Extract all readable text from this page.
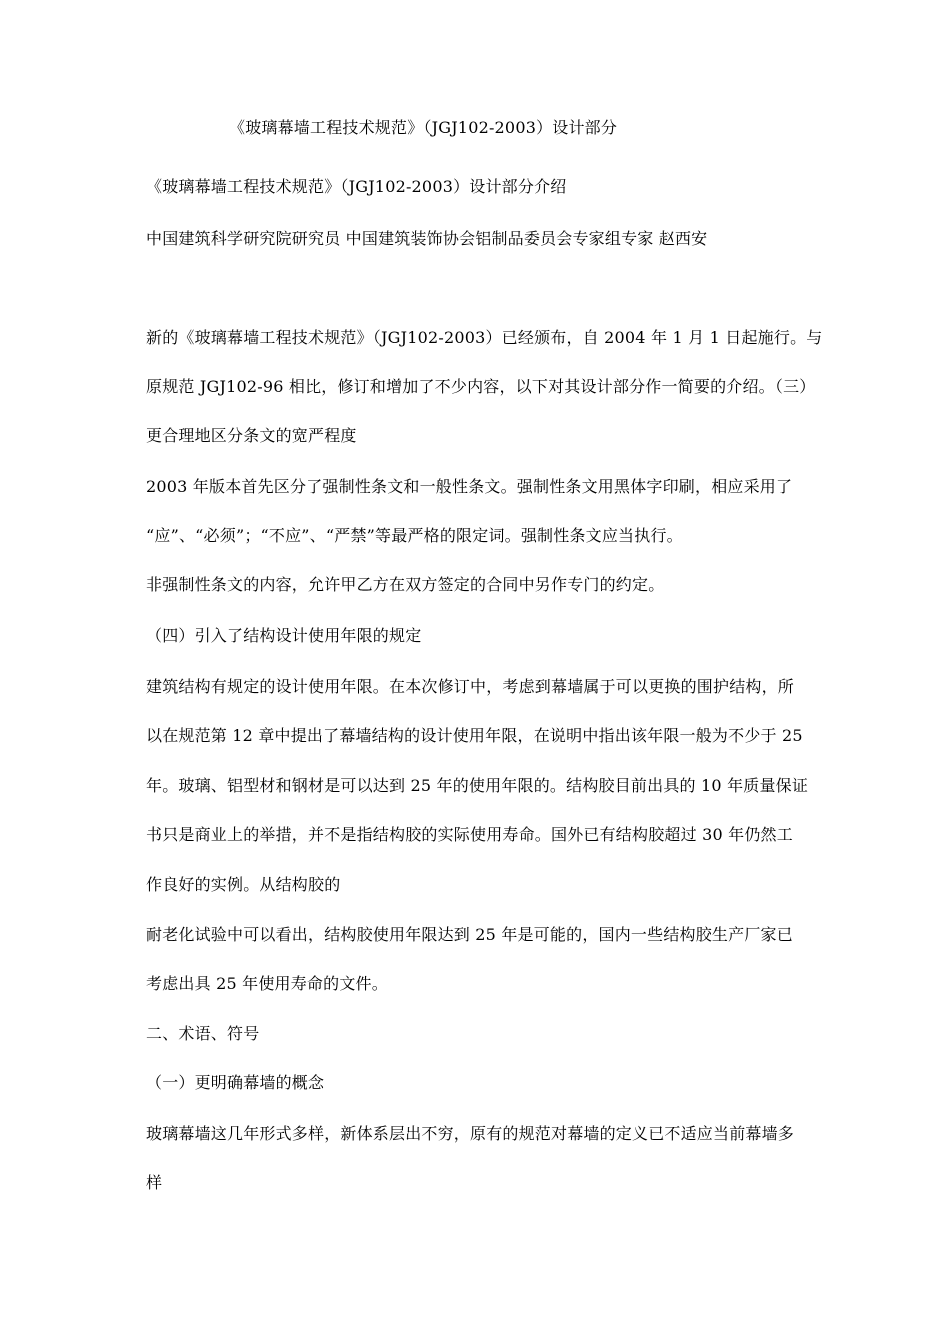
《玻璃幕墙工程技术规范》（JGJ102-2003）设计部分
《玻璃幕墙工程技术规范》（JGJ102-2003）设计部分介绍
中国建筑科学研究院研究员 中国建筑装饰协会铝制品委员会专家组专家 赵西安
新的《玻璃幕墙工程技术规范》（JGJ102-2003）已经颁布，自 2004 年 1 月 1 日起施行。与
原规范 JGJ102-96 相比，修订和增加了不少内容，以下对其设计部分作一简要的介绍。（三）
更合理地区分条文的宽严程度
2003 年版本首先区分了强制性条文和一般性条文。强制性条文用黑体字印刷，相应采用了
“应”、“必须”；“不应”、“严禁”等最严格的限定词。强制性条文应当执行。
非强制性条文的内容，允许甲乙方在双方签定的合同中另作专门的约定。
（四）引入了结构设计使用年限的规定
建筑结构有规定的设计使用年限。在本次修订中，考虑到幕墙属于可以更换的围护结构，所
以在规范第 12 章中提出了幕墙结构的设计使用年限，在说明中指出该年限一般为不少于 25
年。玻璃、铝型材和钢材是可以达到 25 年的使用年限的。结构胶目前出具的 10 年质量保证
书只是商业上的举措，并不是指结构胶的实际使用寿命。国外已有结构胶超过 30 年仍然工
作良好的实例。从结构胶的
耐老化试验中可以看出，结构胶使用年限达到 25 年是可能的，国内一些结构胶生产厂家已
考虑出具 25 年使用寿命的文件。
二、术语、符号
（一）更明确幕墙的概念
玻璃幕墙这几年形式多样，新体系层出不穷，原有的规范对幕墙的定义已不适应当前幕墙多
样
